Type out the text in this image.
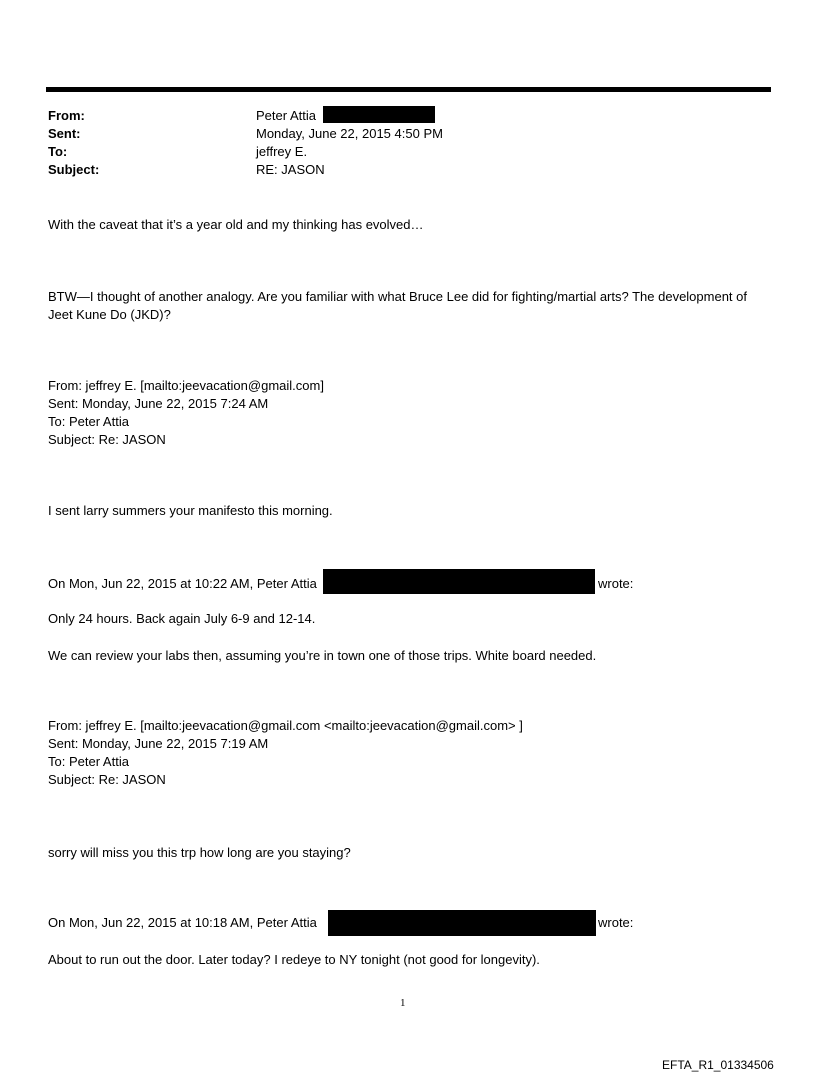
From:	Peter Attia
Sent:	Monday, June 22, 2015 4:50 PM
To:	jeffrey E.
Subject:	RE: JASON
With the caveat that it’s a year old and my thinking has evolved…
BTW—I thought of another analogy. Are you familiar with what Bruce Lee did for fighting/martial arts? The development of Jeet Kune Do (JKD)?
From: jeffrey E. [mailto:jeevacation@gmail.com]
Sent: Monday, June 22, 2015 7:24 AM
To: Peter Attia
Subject: Re: JASON
I sent larry summers your manifesto this morning.
On Mon, Jun 22, 2015 at 10:22 AM, Peter Attia	wrote:
Only 24 hours. Back again July 6-9 and 12-14.
We can review your labs then, assuming you’re in town one of those trips. White board needed.
From: jeffrey E. [mailto:jeevacation@gmail.com <mailto:jeevacation@gmail.com> ]
Sent: Monday, June 22, 2015 7:19 AM
To: Peter Attia
Subject: Re: JASON
sorry will miss you this trp how long are you staying?
On Mon, Jun 22, 2015 at 10:18 AM, Peter Attia	wrote:
About to run out the door. Later today? I redeye to NY tonight (not good for longevity).
1
EFTA_R1_01334506
